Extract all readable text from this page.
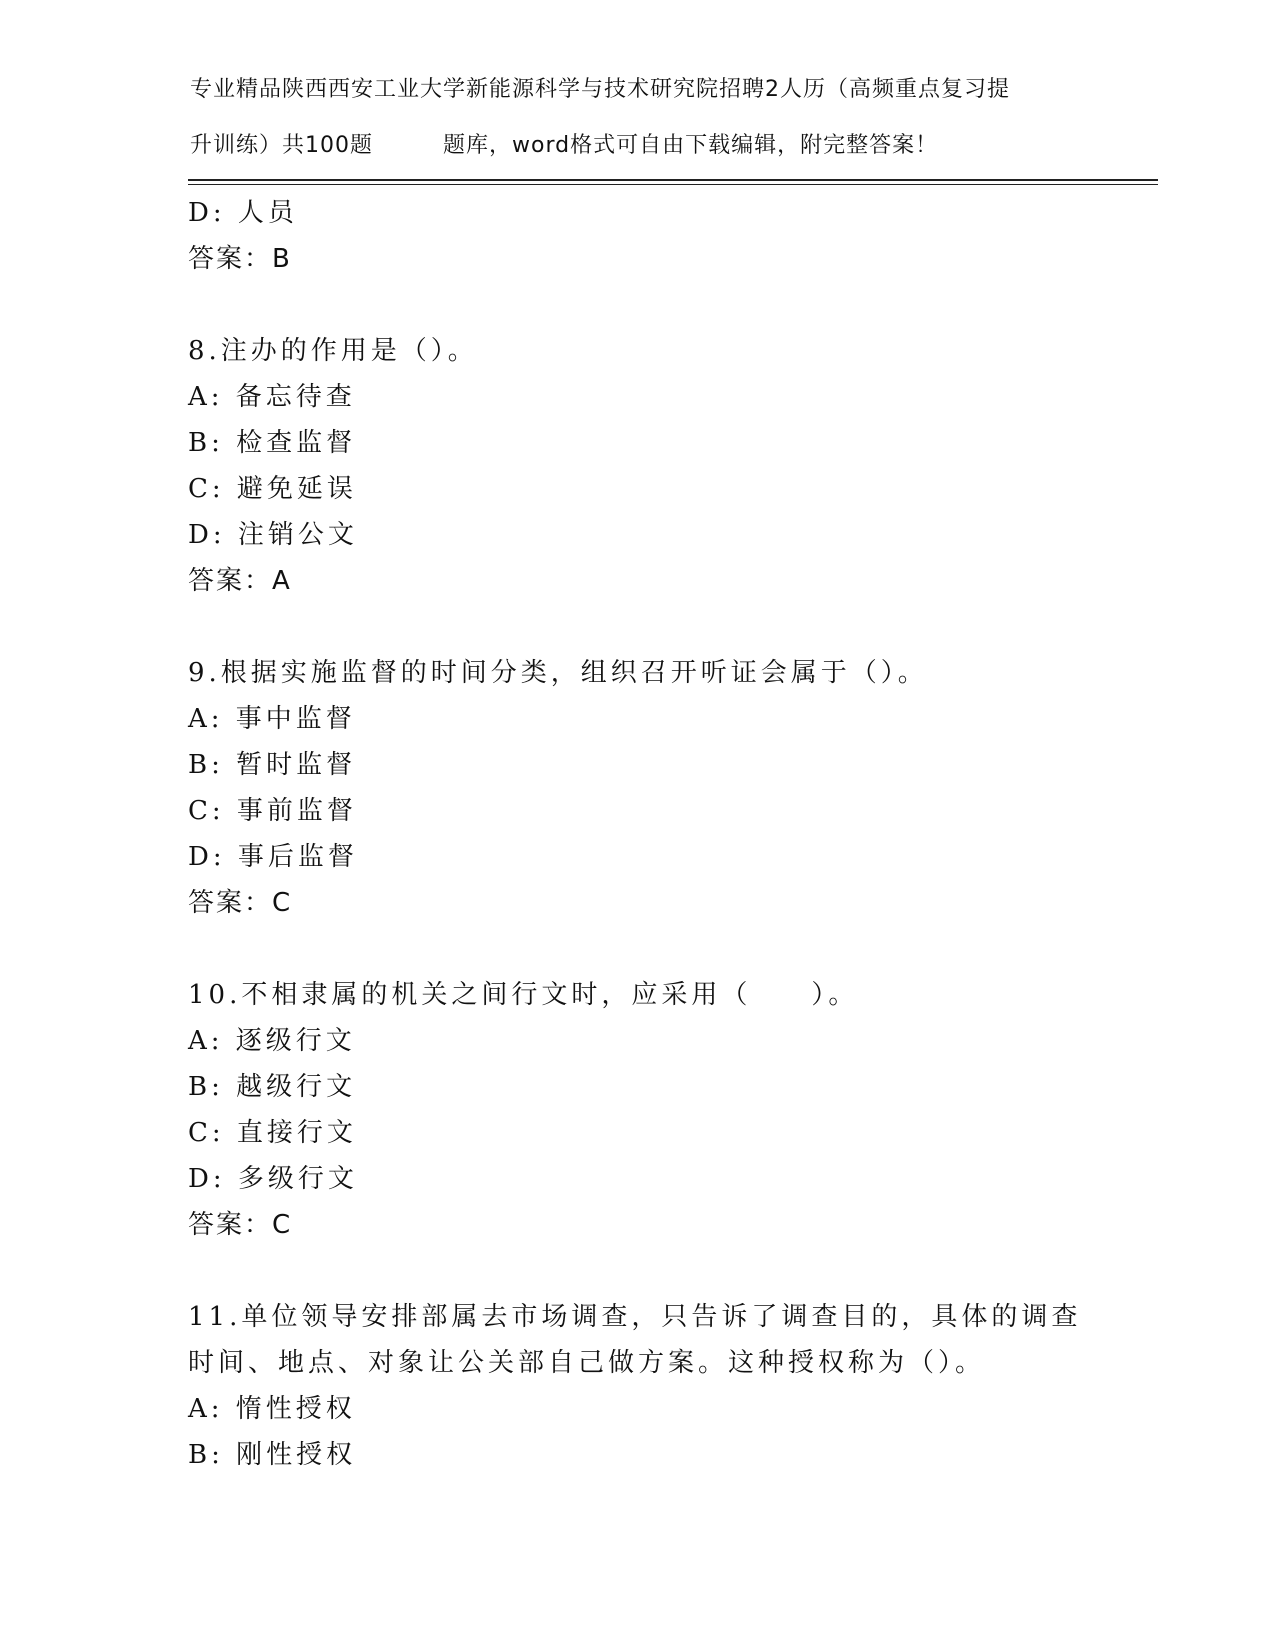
专业精品陕西西安工业大学新能源科学与技术研究院招聘2人历（高频重点复习提
升训练）共100题	题库，word格式可自由下载编辑，附完整答案！
D: 人员
答案：B
8.注办的作用是（）。
A: 备忘待查
B: 检查监督
C: 避免延误
D: 注销公文
答案：A
9.根据实施监督的时间分类，组织召开听证会属于（）。
A: 事中监督
B: 暂时监督
C: 事前监督
D: 事后监督
答案：C
10.不相隶属的机关之间行文时，应采用（　　）。
A: 逐级行文
B: 越级行文
C: 直接行文
D: 多级行文
答案：C
11.单位领导安排部属去市场调查，只告诉了调查目的，具体的调查时间、地点、对象让公关部自己做方案。这种授权称为（）。
A: 惰性授权
B: 刚性授权
